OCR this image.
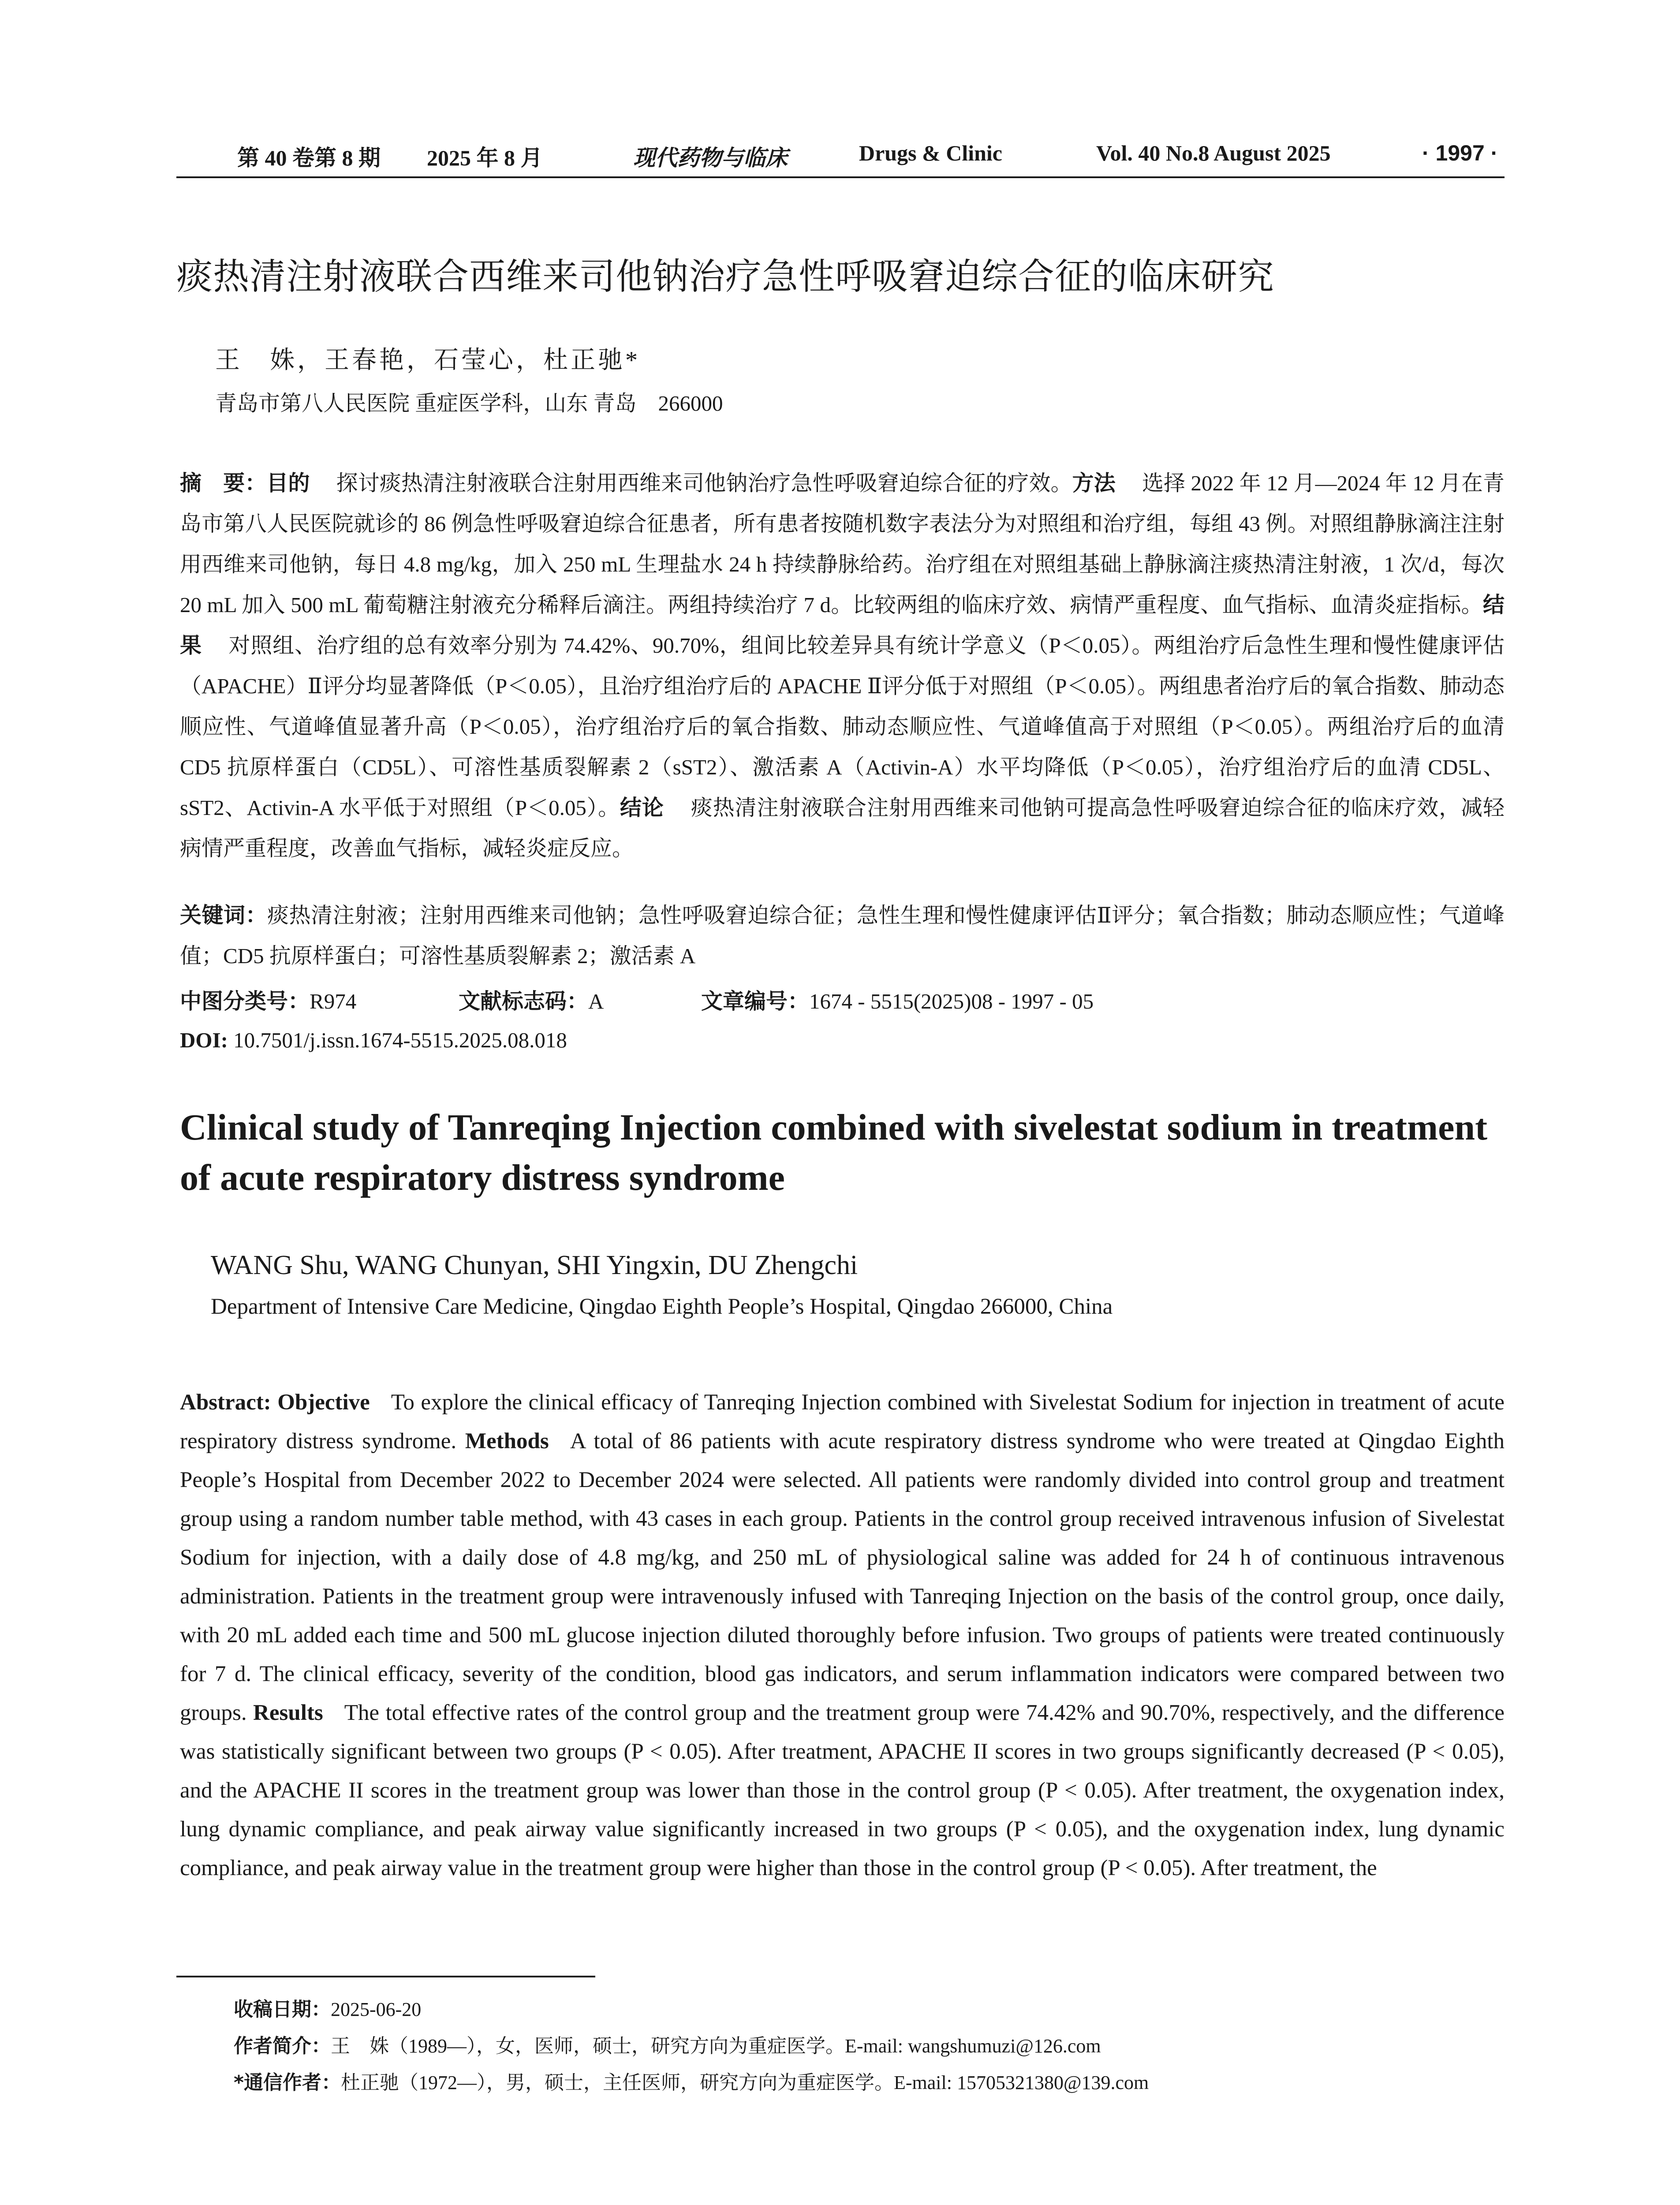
第 40 卷第 8 期 2025 年 8 月	现代药物与临床	Drugs & Clinic	Vol. 40 No.8 August 2025	· 1997 ·
痰热清注射液联合西维来司他钠治疗急性呼吸窘迫综合征的临床研究
王　姝，王春艳，石莹心，杜正驰*
青岛市第八人民医院 重症医学科，山东 青岛　266000
摘　要：目的 探讨痰热清注射液联合注射用西维来司他钠治疗急性呼吸窘迫综合征的疗效。方法 选择 2022 年 12 月—2024 年 12 月在青岛市第八人民医院就诊的 86 例急性呼吸窘迫综合征患者，所有患者按随机数字表法分为对照组和治疗组，每组 43 例。对照组静脉滴注注射用西维来司他钠，每日 4.8 mg/kg，加入 250 mL 生理盐水 24 h 持续静脉给药。治疗组在对照组基础上静脉滴注痰热清注射液，1 次/d，每次 20 mL 加入 500 mL 葡萄糖注射液充分稀释后滴注。两组持续治疗 7 d。比较两组的临床疗效、病情严重程度、血气指标、血清炎症指标。结果 对照组、治疗组的总有效率分别为 74.42%、90.70%，组间比较差异具有统计学意义（P＜0.05）。两组治疗后急性生理和慢性健康评估（APACHE）Ⅱ评分均显著降低（P＜0.05），且治疗组治疗后的 APACHE Ⅱ评分低于对照组（P＜0.05）。两组患者治疗后的氧合指数、肺动态顺应性、气道峰值显著升高（P＜0.05），治疗组治疗后的氧合指数、肺动态顺应性、气道峰值高于对照组（P＜0.05）。两组治疗后的血清 CD5 抗原样蛋白（CD5L）、可溶性基质裂解素 2（sST2）、激活素 A（Activin-A）水平均降低（P＜0.05），治疗组治疗后的血清 CD5L、sST2、Activin-A 水平低于对照组（P＜0.05）。结论 痰热清注射液联合注射用西维来司他钠可提高急性呼吸窘迫综合征的临床疗效，减轻病情严重程度，改善血气指标，减轻炎症反应。
关键词：痰热清注射液；注射用西维来司他钠；急性呼吸窘迫综合征；急性生理和慢性健康评估Ⅱ评分；氧合指数；肺动态顺应性；气道峰值；CD5 抗原样蛋白；可溶性基质裂解素 2；激活素 A
中图分类号：R974	文献标志码：A	文章编号：1674 - 5515(2025)08 - 1997 - 05
DOI: 10.7501/j.issn.1674-5515.2025.08.018
Clinical study of Tanreqing Injection combined with sivelestat sodium in treatment of acute respiratory distress syndrome
WANG Shu, WANG Chunyan, SHI Yingxin, DU Zhengchi
Department of Intensive Care Medicine, Qingdao Eighth People’s Hospital, Qingdao 266000, China
Abstract: Objective To explore the clinical efficacy of Tanreqing Injection combined with Sivelestat Sodium for injection in treatment of acute respiratory distress syndrome. Methods A total of 86 patients with acute respiratory distress syndrome who were treated at Qingdao Eighth People’s Hospital from December 2022 to December 2024 were selected. All patients were randomly divided into control group and treatment group using a random number table method, with 43 cases in each group. Patients in the control group received intravenous infusion of Sivelestat Sodium for injection, with a daily dose of 4.8 mg/kg, and 250 mL of physiological saline was added for 24 h of continuous intravenous administration. Patients in the treatment group were intravenously infused with Tanreqing Injection on the basis of the control group, once daily, with 20 mL added each time and 500 mL glucose injection diluted thoroughly before infusion. Two groups of patients were treated continuously for 7 d. The clinical efficacy, severity of the condition, blood gas indicators, and serum inflammation indicators were compared between two groups. Results The total effective rates of the control group and the treatment group were 74.42% and 90.70%, respectively, and the difference was statistically significant between two groups (P < 0.05). After treatment, APACHE II scores in two groups significantly decreased (P < 0.05), and the APACHE II scores in the treatment group was lower than those in the control group (P < 0.05). After treatment, the oxygenation index, lung dynamic compliance, and peak airway value significantly increased in two groups (P < 0.05), and the oxygenation index, lung dynamic compliance, and peak airway value in the treatment group were higher than those in the control group (P < 0.05). After treatment, the
收稿日期：2025-06-20
作者简介：王　姝（1989—），女，医师，硕士，研究方向为重症医学。E-mail: wangshumuzi@126.com
*通信作者：杜正驰（1972—），男，硕士，主任医师，研究方向为重症医学。E-mail: 15705321380@139.com
